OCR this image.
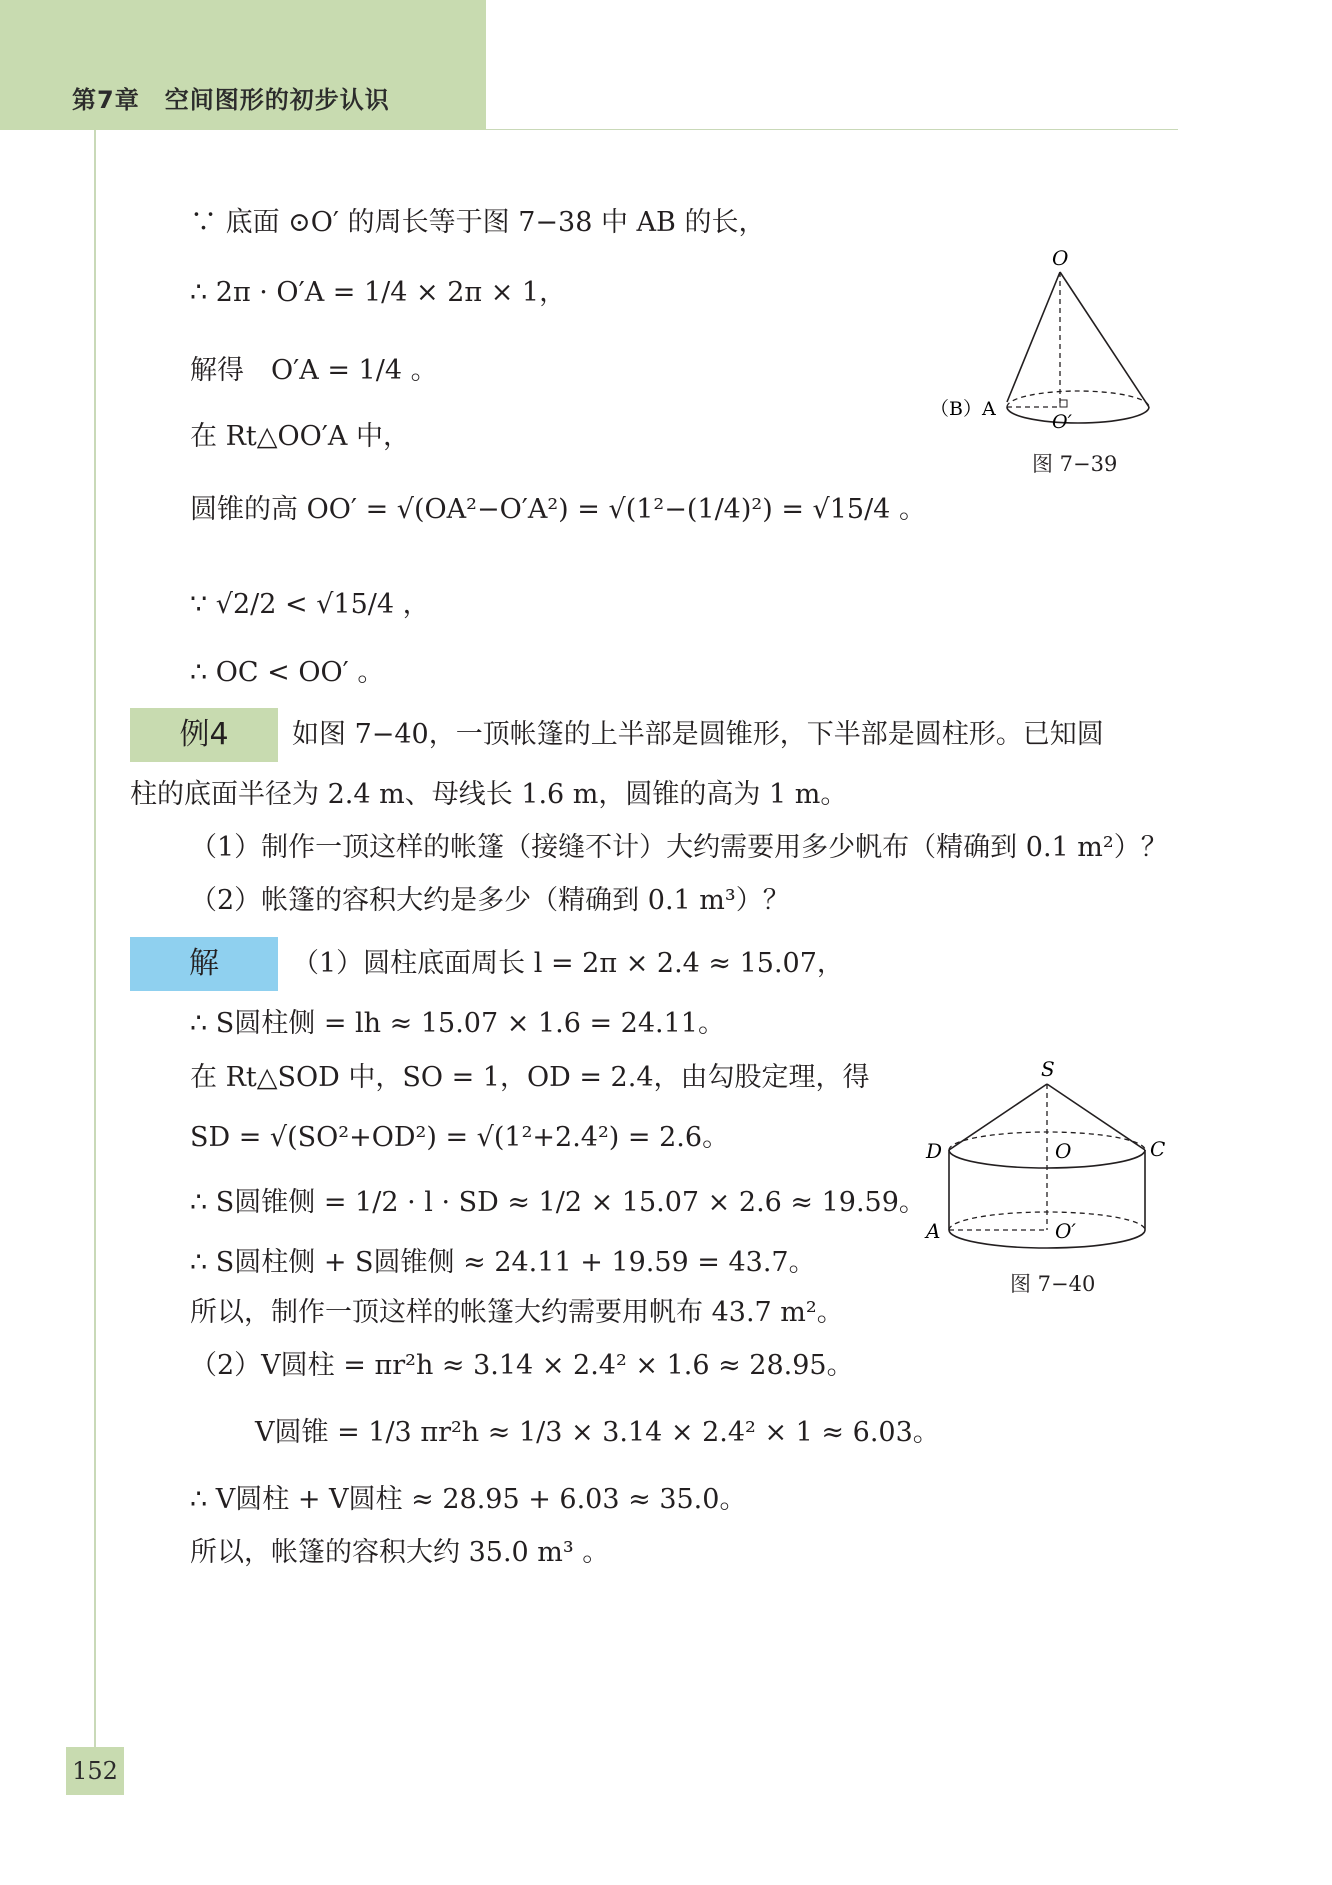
第7章　空间图形的初步认识
∵ 底面 ⊙O′ 的周长等于图 7−38 中 AB 的长，
∴ 2π · O′A = 1/4 × 2π × 1，
解得　O′A = 1/4 。
在 Rt△OO′A 中，
圆锥的高 OO′ = √(OA²−O′A²) = √(1²−(1/4)²) = √15/4 。
∵ √2/2 < √15/4 ，
∴ OC < OO′ 。
O
（B）A
O′
图 7−39
例4	如图 7−40，一顶帐篷的上半部是圆锥形，下半部是圆柱形。已知圆
柱的底面半径为 2.4 m、母线长 1.6 m，圆锥的高为 1 m。
（1）制作一顶这样的帐篷（接缝不计）大约需要用多少帆布（精确到 0.1 m²）？
（2）帐篷的容积大约是多少（精确到 0.1 m³）？
解	（1）圆柱底面周长 l = 2π × 2.4 ≈ 15.07，
∴ S圆柱侧 = lh ≈ 15.07 × 1.6 = 24.11。
在 Rt△SOD 中，SO = 1，OD = 2.4，由勾股定理，得
SD = √(SO²+OD²) = √(1²+2.4²) = 2.6。
∴ S圆锥侧 = 1/2 · l · SD ≈ 1/2 × 15.07 × 2.6 ≈ 19.59。
∴ S圆柱侧 + S圆锥侧 ≈ 24.11 + 19.59 = 43.7。
所以，制作一顶这样的帐篷大约需要用帆布 43.7 m²。
（2）V圆柱 = πr²h ≈ 3.14 × 2.4² × 1.6 ≈ 28.95。
V圆锥 = 1/3 πr²h ≈ 1/3 × 3.14 × 2.4² × 1 ≈ 6.03。
∴ V圆柱 + V圆柱 ≈ 28.95 + 6.03 ≈ 35.0。
所以，帐篷的容积大约 35.0 m³ 。
S
D	O	C
A	O′
图 7−40
152
